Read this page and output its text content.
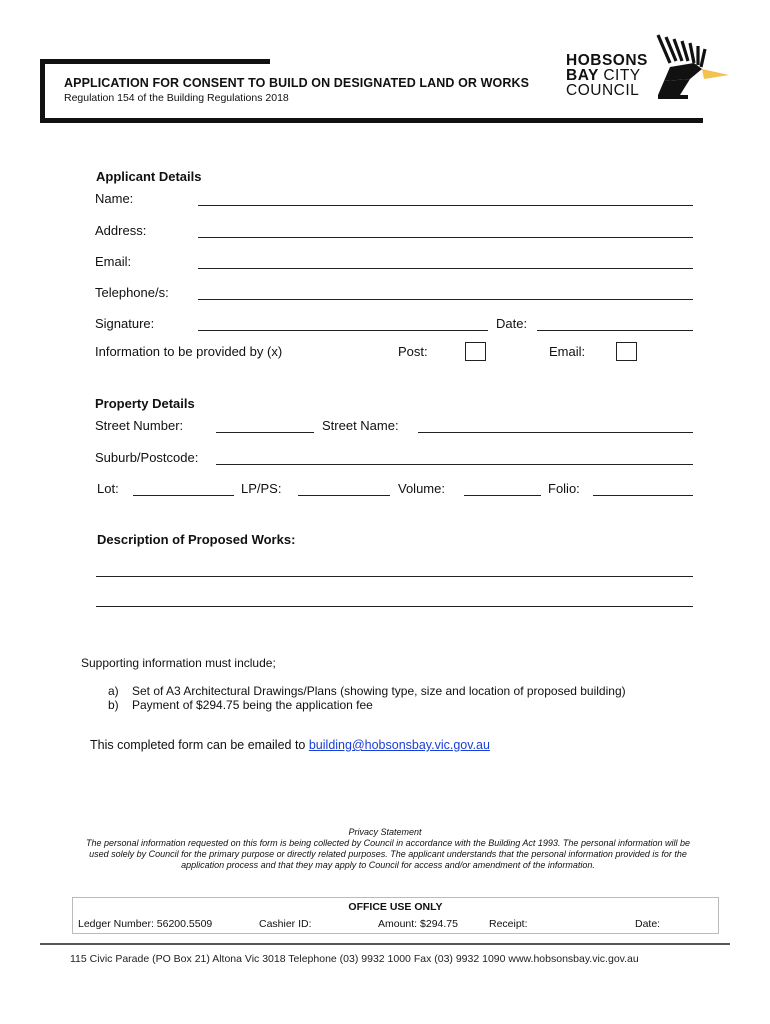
APPLICATION FOR CONSENT TO BUILD ON DESIGNATED LAND OR WORKS
Regulation 154 of the Building Regulations 2018
HOBSONS
BAY CITY
COUNCIL
Applicant Details
Name:
Address:
Email:
Telephone/s:
Signature:	Date:
Information to be provided by (x)	Post:	Email:
Property Details
Street Number:	Street Name:
Suburb/Postcode:
Lot:	LP/PS:	Volume:	Folio:
Description of Proposed Works:
Supporting information must include;
a)	Set of A3 Architectural Drawings/Plans (showing type, size and location of proposed building)
b)	Payment of $294.75 being the application fee
This completed form can be emailed to building@hobsonsbay.vic.gov.au
Privacy Statement
The personal information requested on this form is being collected by Council in accordance with the Building Act 1993. The personal information will be used solely by Council for the primary purpose or directly related purposes. The applicant understands that the personal information provided is for the application process and that they may apply to Council for access and/or amendment of the information.
OFFICE USE ONLY
Ledger Number: 56200.5509	Cashier ID:	Amount: $294.75	Receipt:	Date:
115 Civic Parade (PO Box 21) Altona Vic 3018 Telephone (03) 9932 1000 Fax (03) 9932 1090 www.hobsonsbay.vic.gov.au
